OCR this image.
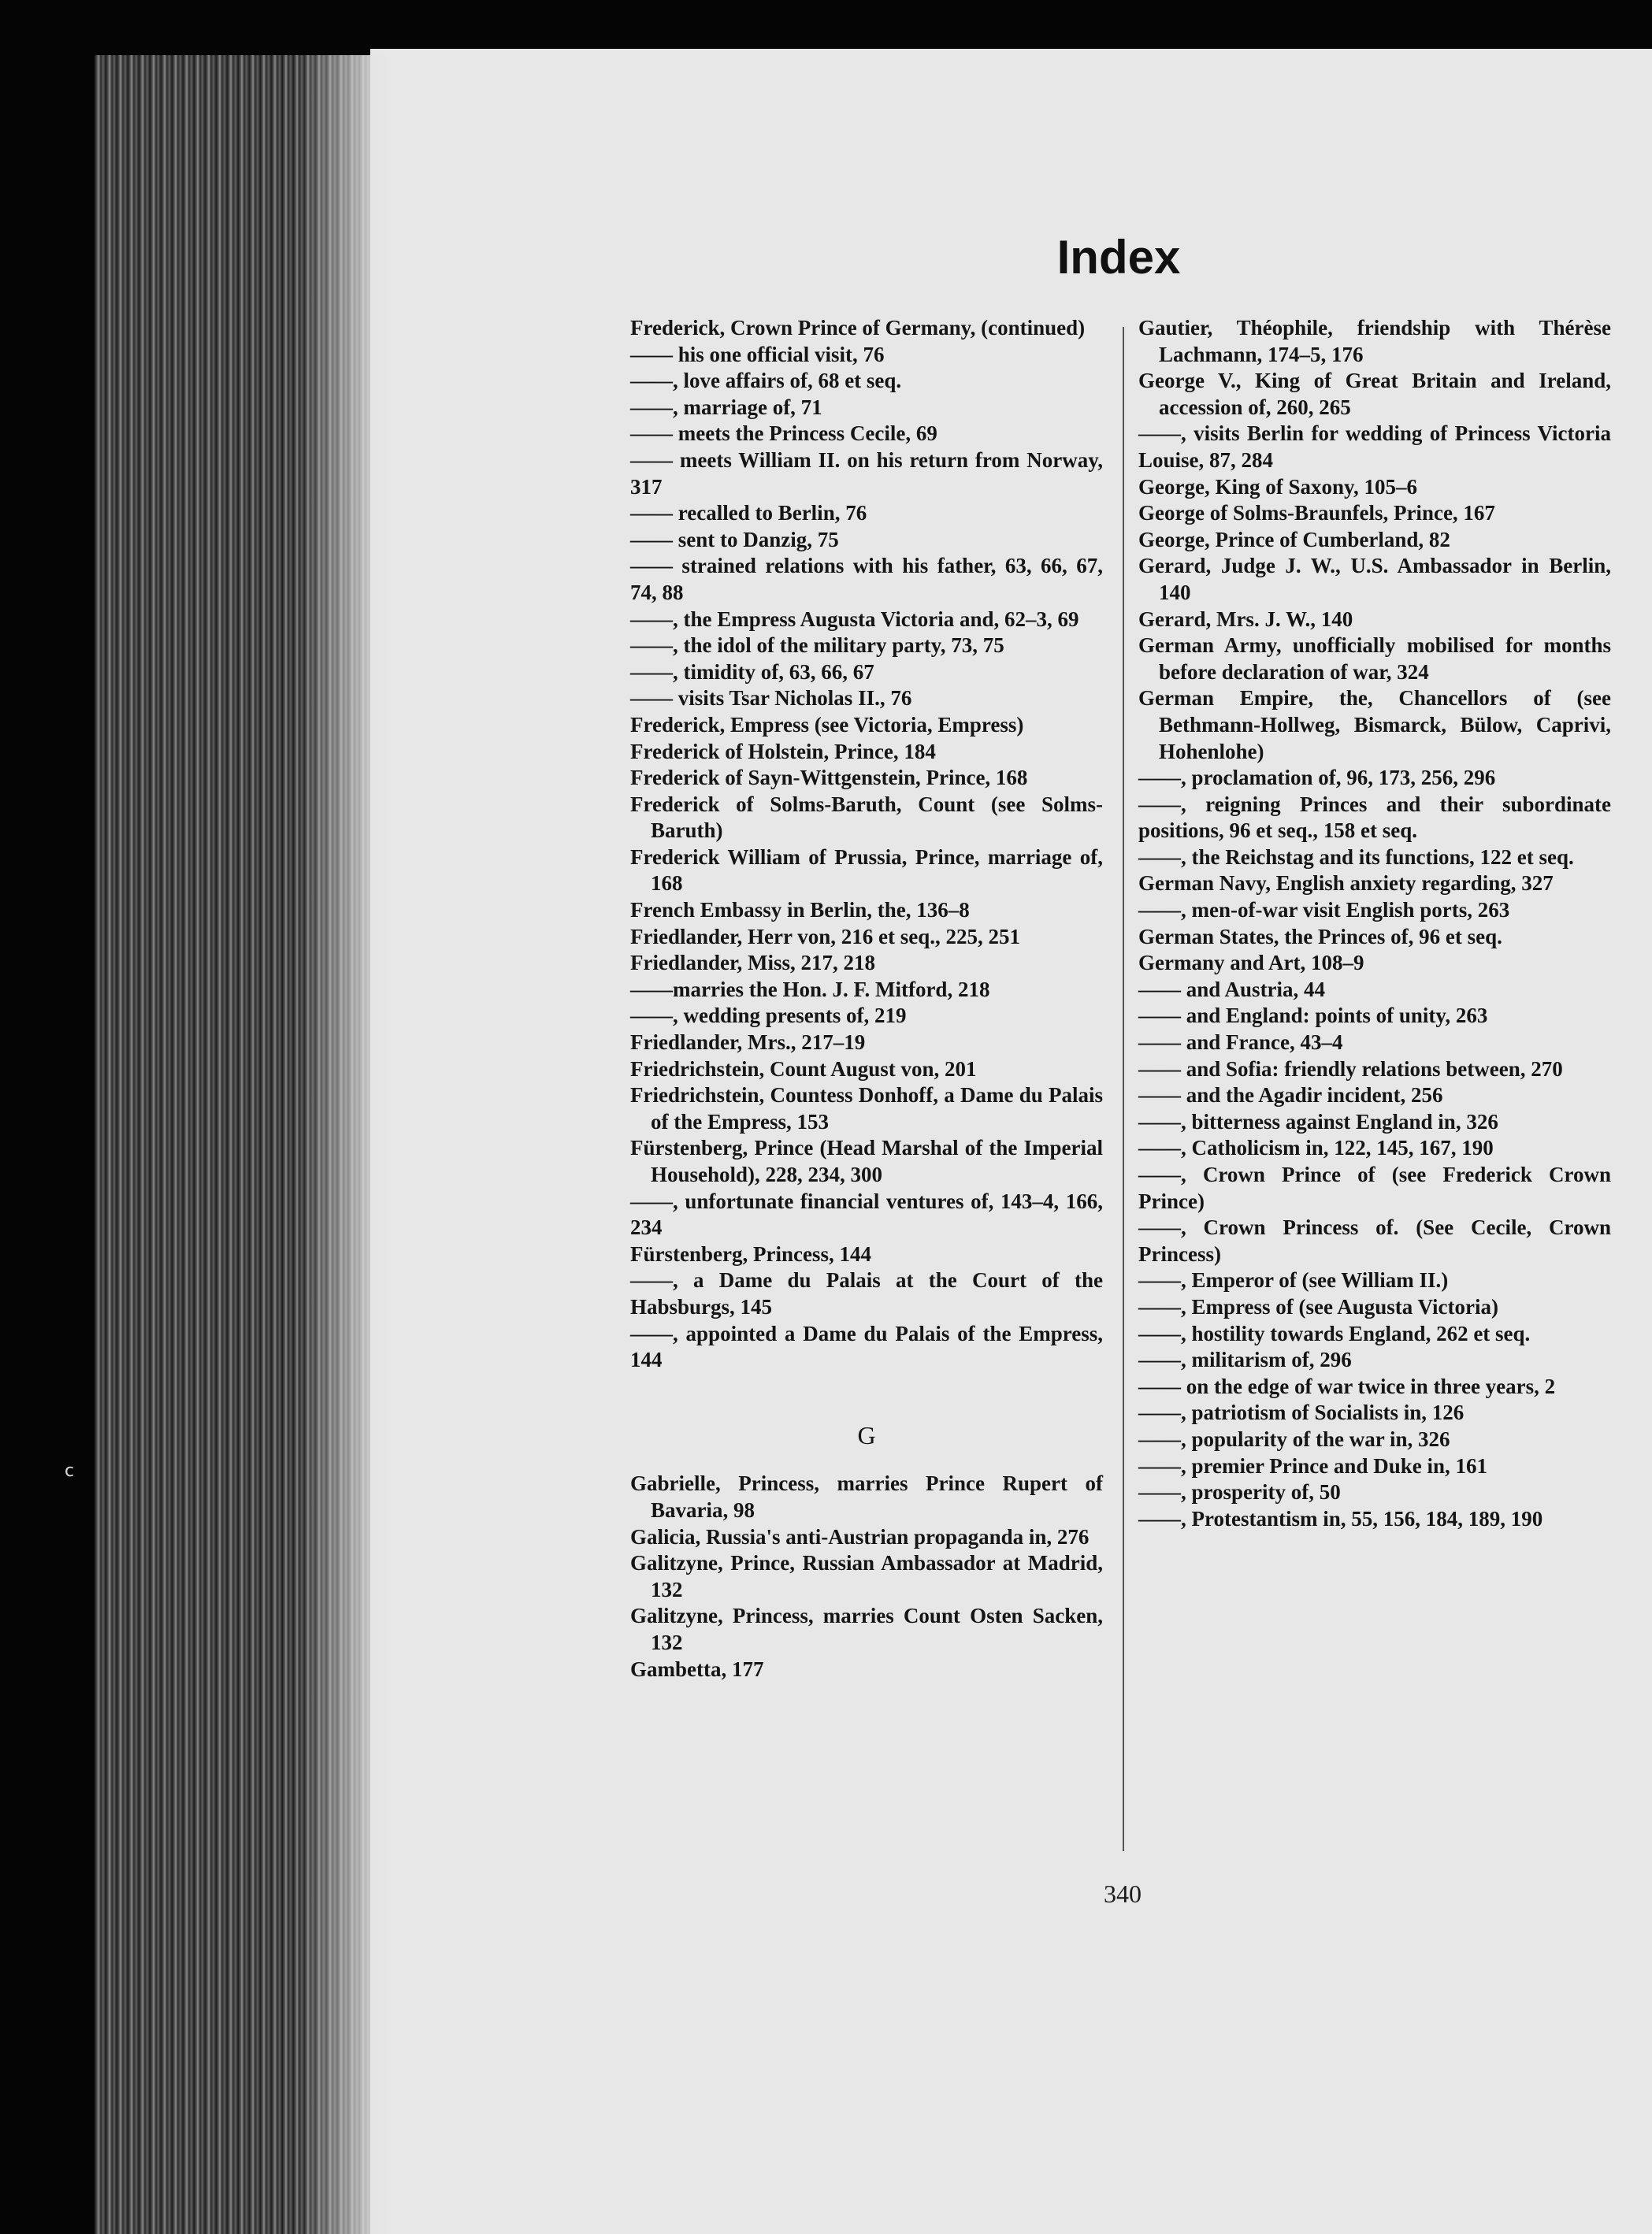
c
Index

Frederick, Crown Prince of Germany, (continued)

—— his one official visit, 76

——, love affairs of, 68 et seq.

——, marriage of, 71

—— meets the Princess Cecile, 69

—— meets William II. on his return from Norway, 317

—— recalled to Berlin, 76

—— sent to Danzig, 75

—— strained relations with his father, 63, 66, 67, 74, 88

——, the Empress Augusta Victoria and, 62–3, 69

——, the idol of the military party, 73, 75

——, timidity of, 63, 66, 67

—— visits Tsar Nicholas II., 76

Frederick, Empress (see Victoria, Empress)

Frederick of Holstein, Prince, 184

Frederick of Sayn-Wittgenstein, Prince, 168

Frederick of Solms-Baruth, Count (see Solms-Baruth)

Frederick William of Prussia, Prince, marriage of, 168

French Embassy in Berlin, the, 136–8

Friedlander, Herr von, 216 et seq., 225, 251

Friedlander, Miss, 217, 218

——marries the Hon. J. F. Mitford, 218

——, wedding presents of, 219

Friedlander, Mrs., 217–19

Friedrichstein, Count August von, 201

Friedrichstein, Countess Donhoff, a Dame du Palais of the Empress, 153

Fürstenberg, Prince (Head Marshal of the Imperial Household), 228, 234, 300

——, unfortunate financial ventures of, 143–4, 166, 234

Fürstenberg, Princess, 144

——, a Dame du Palais at the Court of the Habsburgs, 145

——, appointed a Dame du Palais of the Empress, 144

G

Gabrielle, Princess, marries Prince Rupert of Bavaria, 98

Galicia, Russia's anti-Austrian propaganda in, 276

Galitzyne, Prince, Russian Ambassador at Madrid, 132

Galitzyne, Princess, marries Count Osten Sacken, 132

Gambetta, 177

Gautier, Théophile, friendship with Thérèse Lachmann, 174–5, 176

George V., King of Great Britain and Ireland, accession of, 260, 265

——, visits Berlin for wedding of Princess Victoria Louise, 87, 284

George, King of Saxony, 105–6

George of Solms-Braunfels, Prince, 167

George, Prince of Cumberland, 82

Gerard, Judge J. W., U.S. Ambassador in Berlin, 140

Gerard, Mrs. J. W., 140

German Army, unofficially mobilised for months before declaration of war, 324

German Empire, the, Chancellors of (see Bethmann-Hollweg, Bismarck, Bülow, Caprivi, Hohenlohe)

——, proclamation of, 96, 173, 256, 296

——, reigning Princes and their subordinate positions, 96 et seq., 158 et seq.

——, the Reichstag and its functions, 122 et seq.

German Navy, English anxiety regarding, 327

——, men-of-war visit English ports, 263

German States, the Princes of, 96 et seq.

Germany and Art, 108–9

—— and Austria, 44

—— and England: points of unity, 263

—— and France, 43–4

—— and Sofia: friendly relations between, 270

—— and the Agadir incident, 256

——, bitterness against England in, 326

——, Catholicism in, 122, 145, 167, 190

——, Crown Prince of (see Frederick Crown Prince)

——, Crown Princess of. (See Cecile, Crown Princess)

——, Emperor of (see William II.)

——, Empress of (see Augusta Victoria)

——, hostility towards England, 262 et seq.

——, militarism of, 296

—— on the edge of war twice in three years, 2

——, patriotism of Socialists in, 126

——, popularity of the war in, 326

——, premier Prince and Duke in, 161

——, prosperity of, 50

——, Protestantism in, 55, 156, 184, 189, 190

340
